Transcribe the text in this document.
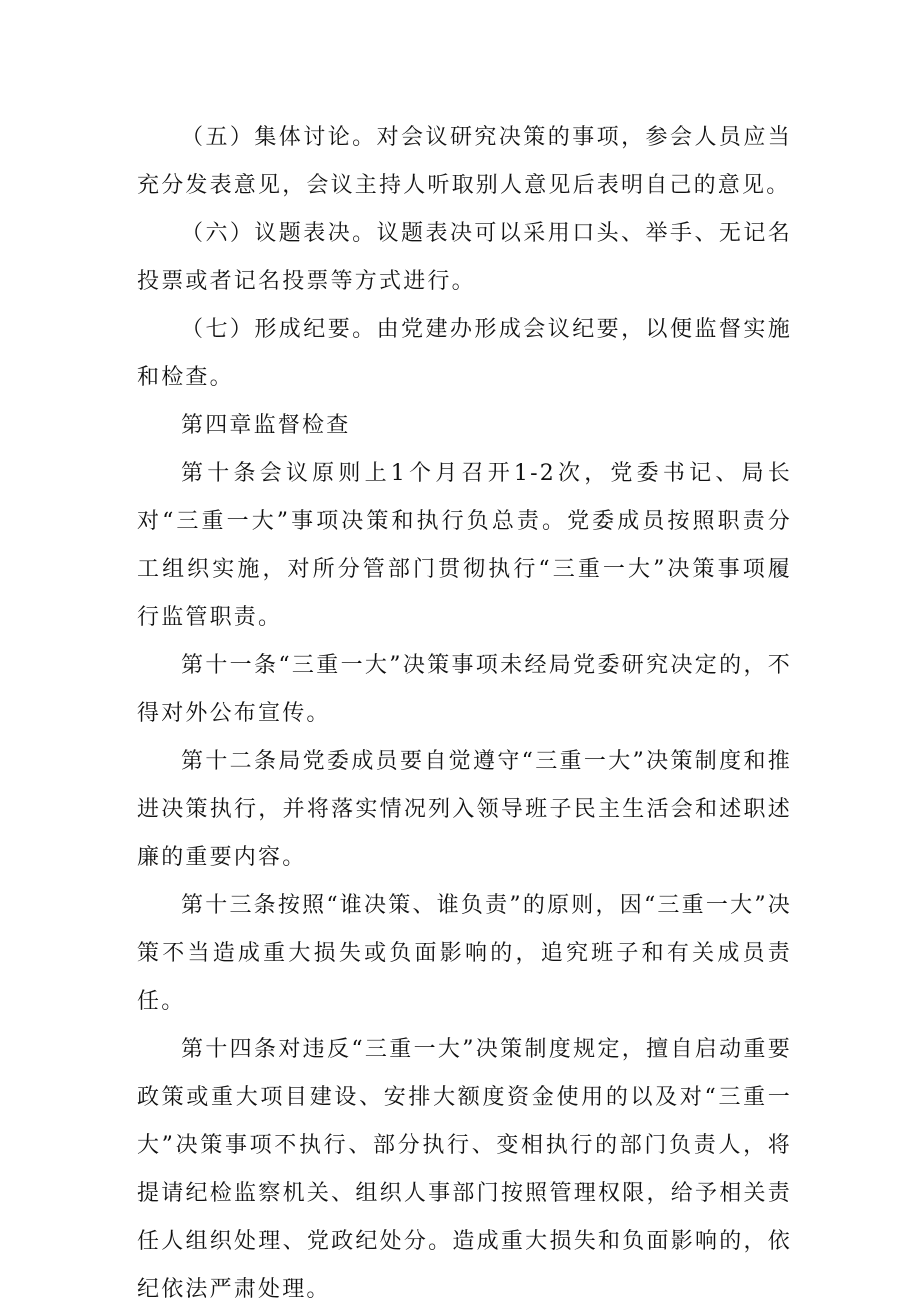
（五）集体讨论。对会议研究决策的事项，参会人员应当充分发表意见，会议主持人听取别人意见后表明自己的意见。

（六）议题表决。议题表决可以采用口头、举手、无记名投票或者记名投票等方式进行。

（七）形成纪要。由党建办形成会议纪要，以便监督实施和检查。

第四章监督检查

第十条会议原则上1个月召开1-2次，党委书记、局长对“三重一大”事项决策和执行负总责。党委成员按照职责分工组织实施，对所分管部门贯彻执行“三重一大”决策事项履行监管职责。

第十一条“三重一大”决策事项未经局党委研究决定的，不得对外公布宣传。

第十二条局党委成员要自觉遵守“三重一大”决策制度和推进决策执行，并将落实情况列入领导班子民主生活会和述职述廉的重要内容。

第十三条按照“谁决策、谁负责”的原则，因“三重一大”决策不当造成重大损失或负面影响的，追究班子和有关成员责任。

第十四条对违反“三重一大”决策制度规定，擅自启动重要政策或重大项目建设、安排大额度资金使用的以及对“三重一大”决策事项不执行、部分执行、变相执行的部门负责人，将提请纪检监察机关、组织人事部门按照管理权限，给予相关责任人组织处理、党政纪处分。造成重大损失和负面影响的，依纪依法严肃处理。
